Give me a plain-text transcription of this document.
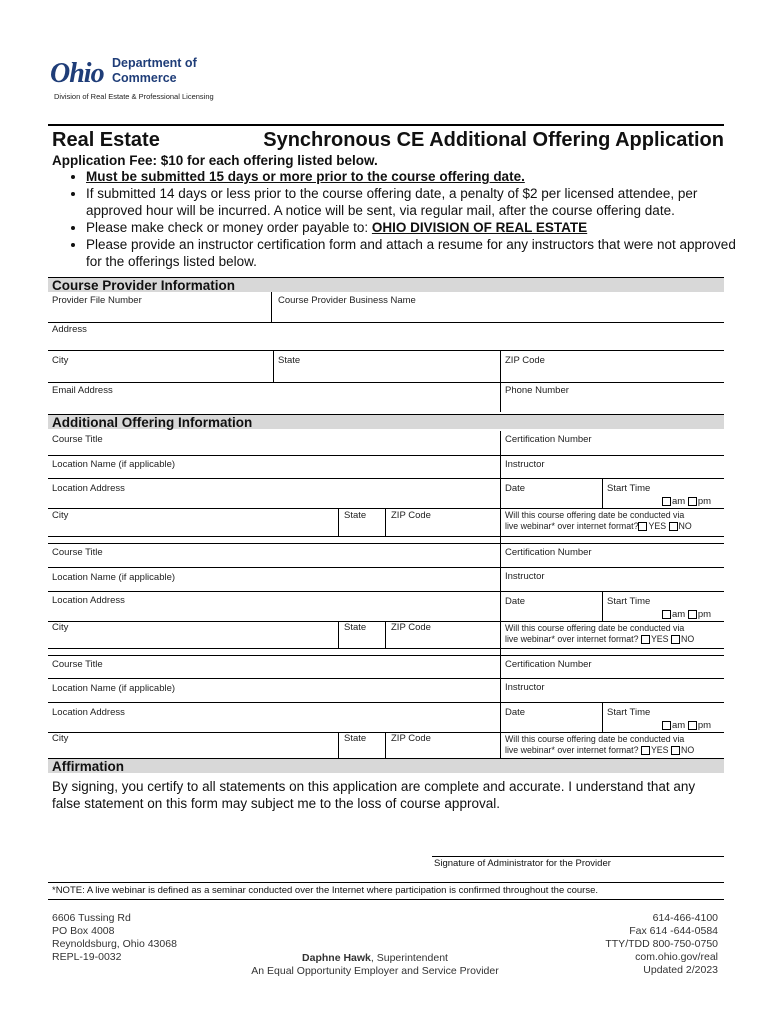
Ohio Department of
Commerce
Division of Real Estate & Professional Licensing
Real Estate	Synchronous CE Additional Offering Application
Application Fee: $10 for each offering listed below.
• Must be submitted 15 days or more prior to the course offering date.
• If submitted 14 days or less prior to the course offering date, a penalty of $2 per licensed attendee, per approved hour will be incurred. A notice will be sent, via regular mail, after the course offering date.
• Please make check or money order payable to: OHIO DIVISION OF REAL ESTATE
• Please provide an instructor certification form and attach a resume for any instructors that were not approved for the offerings listed below.
Course Provider Information
Provider File Number	Course Provider Business Name
Address
City	State	ZIP Code
Email Address	Phone Number
Additional Offering Information
Course Title	Certification Number
Location Name (if applicable)	Instructor
Location Address	Date	Start Time
am pm
City	State	ZIP Code	Will this course offering date be conducted via
live webinar* over internet format? YES NO
Course Title	Certification Number
Location Name (if applicable)	Instructor
Location Address	Date	Start Time
am pm
City	State	ZIP Code	Will this course offering date be conducted via
live webinar* over internet format? YES NO
Course Title	Certification Number
Location Name (if applicable)	Instructor
Location Address	Date	Start Time
am pm
City	State	ZIP Code	Will this course offering date be conducted via
live webinar* over internet format? YES NO
Affirmation
By signing, you certify to all statements on this application are complete and accurate. I understand that any false statement on this form may subject me to the loss of course approval.
Signature of Administrator for the Provider
*NOTE: A live webinar is defined as a seminar conducted over the Internet where participation is confirmed throughout the course.
6606 Tussing Rd
PO Box 4008
Reynoldsburg, Ohio 43068
REPL-19-0032	Daphne Hawk, Superintendent
An Equal Opportunity Employer and Service Provider
614-466-4100
Fax 614 -644-0584
TTY/TDD 800-750-0750
com.ohio.gov/real
Updated 2/2023
